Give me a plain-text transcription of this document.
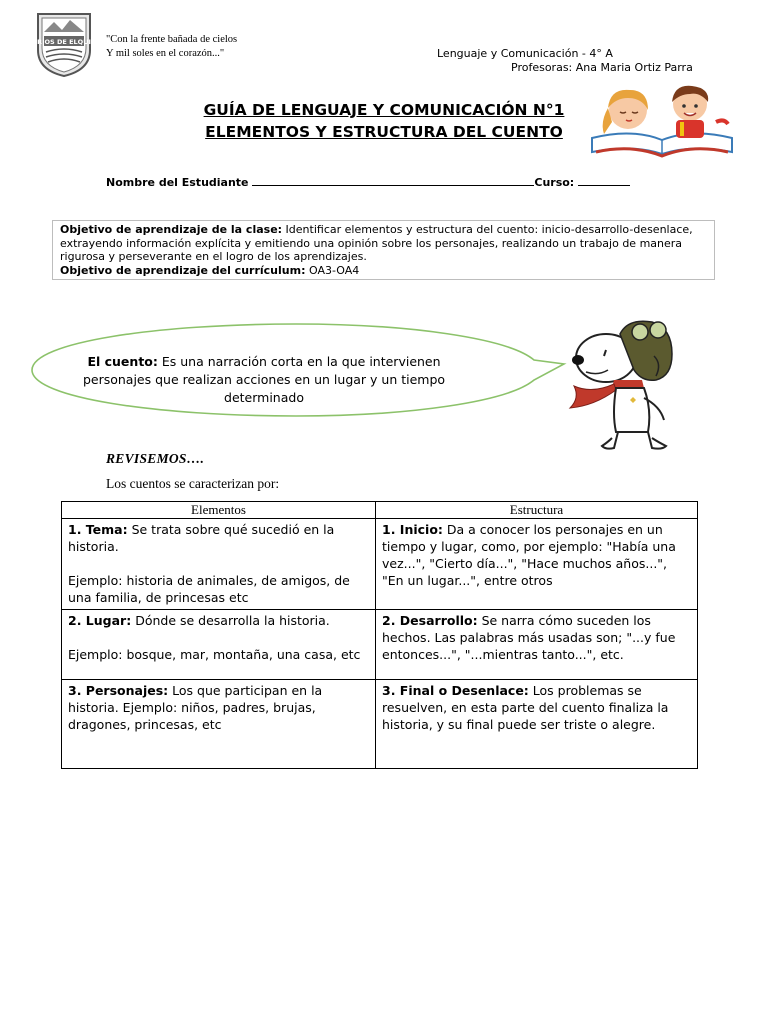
RIOS DE ELQUI "Con la frente bañada de cielos
Y mil soles en el corazón..."	Lenguaje y Comunicación - 4° A
Profesoras: Ana Maria Ortiz Parra
GUÍA DE LENGUAJE Y COMUNICACIÓN N°1
ELEMENTOS Y ESTRUCTURA DEL CUENTO
Nombre del Estudiante	Curso:
Objetivo de aprendizaje de la clase: Identificar elementos y estructura del cuento: inicio-desarrollo-desenlace, extrayendo información explícita y emitiendo una opinión sobre los personajes, realizando un trabajo de manera rigurosa y perseverante en el logro de los aprendizajes.
Objetivo de aprendizaje del currículum: OA3-OA4
El cuento: Es una narración corta en la que intervienen personajes que realizan acciones en un lugar y un tiempo determinado
REVISEMOS….
Los cuentos se caracterizan por:
Elementos	Estructura

1. Tema: Se trata sobre qué sucedió en la historia.

Ejemplo: historia de animales, de amigos, de una familia, de princesas etc	1. Inicio: Da a conocer los personajes en un tiempo y lugar, como, por ejemplo: "Había una vez...", "Cierto día...", "Hace muchos años...", "En un lugar...", entre otros

2. Lugar: Dónde se desarrolla la historia.

Ejemplo: bosque, mar, montaña, una casa, etc	2. Desarrollo: Se narra cómo suceden los hechos. Las palabras más usadas son; "...y fue entonces...", "...mientras tanto...", etc.

3. Personajes: Los que participan en la historia. Ejemplo: niños, padres, brujas, dragones, princesas, etc	3. Final o Desenlace: Los problemas se resuelven, en esta parte del cuento finaliza la historia, y su final puede ser triste o alegre.
